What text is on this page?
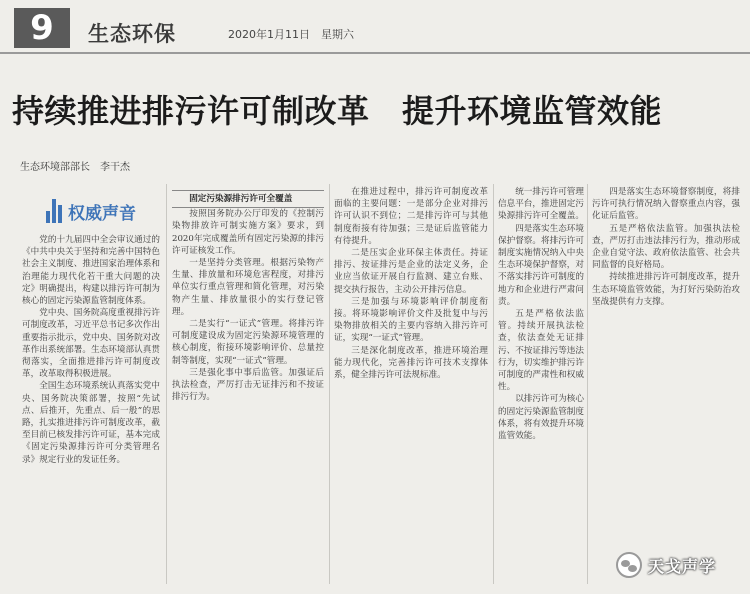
9	生态环保	2020年1月11日　星期六
持续推进排污许可制改革　提升环境监管效能
生态环境部部长　李干杰
权威声音

党的十九届四中全会审议通过的《中共中央关于坚持和完善中国特色社会主义制度、推进国家治理体系和治理能力现代化若干重大问题的决定》明确提出，构建以排污许可制为核心的固定污染源监管制度体系。

党中央、国务院高度重视排污许可制度改革，习近平总书记多次作出重要指示批示，党中央、国务院对改革作出系统部署。生态环境部认真贯彻落实，全面推进排污许可制度改革，改革取得积极进展。

全国生态环境系统认真落实党中央、国务院决策部署，按照“先试点、后推开，先重点、后一般”的思路，扎实推进排污许可制度改革，截至目前已核发排污许可证，基本完成《固定污染源排污许可分类管理名录》规定行业的发证任务。

固定污染源排污许可全覆盖

按照国务院办公厅印发的《控制污染物排放许可制实施方案》要求，到2020年完成覆盖所有固定污染源的排污许可证核发工作。

一是坚持分类管理。根据污染物产生量、排放量和环境危害程度，对排污单位实行重点管理和简化管理，对污染物产生量、排放量很小的实行登记管理。

二是实行“一证式”管理。将排污许可制度建设成为固定污染源环境管理的核心制度，衔接环境影响评价、总量控制等制度，实现“一证式”管理。

三是强化事中事后监管。加强证后执法检查，严厉打击无证排污和不按证排污行为。

在推进过程中，排污许可制度改革面临的主要问题：一是部分企业对排污许可认识不到位；二是排污许可与其他制度衔接有待加强；三是证后监管能力有待提升。

二是压实企业环保主体责任。持证排污、按证排污是企业的法定义务，企业应当依证开展自行监测、建立台账、提交执行报告，主动公开排污信息。

三是加强与环境影响评价制度衔接。将环境影响评价文件及批复中与污染物排放相关的主要内容纳入排污许可证，实现“一证式”管理。

三是深化制度改革，推进环境治理能力现代化，完善排污许可技术支撑体系，健全排污许可法规标准。

统一排污许可管理信息平台，推进固定污染源排污许可全覆盖。

四是落实生态环境保护督察。将排污许可制度实施情况纳入中央生态环境保护督察，对不落实排污许可制度的地方和企业进行严肃问责。

五是严格依法监管。持续开展执法检查，依法查处无证排污、不按证排污等违法行为，切实维护排污许可制度的严肃性和权威性。

以排污许可为核心的固定污染源监管制度体系，将有效提升环境监管效能。

四是落实生态环境督察制度，将排污许可执行情况纳入督察重点内容，强化证后监管。

五是严格依法监管。加强执法检查，严厉打击违法排污行为，推动形成企业自觉守法、政府依法监管、社会共同监督的良好格局。

持续推进排污许可制度改革，提升生态环境监管效能，为打好污染防治攻坚战提供有力支撑。

天戈声学
